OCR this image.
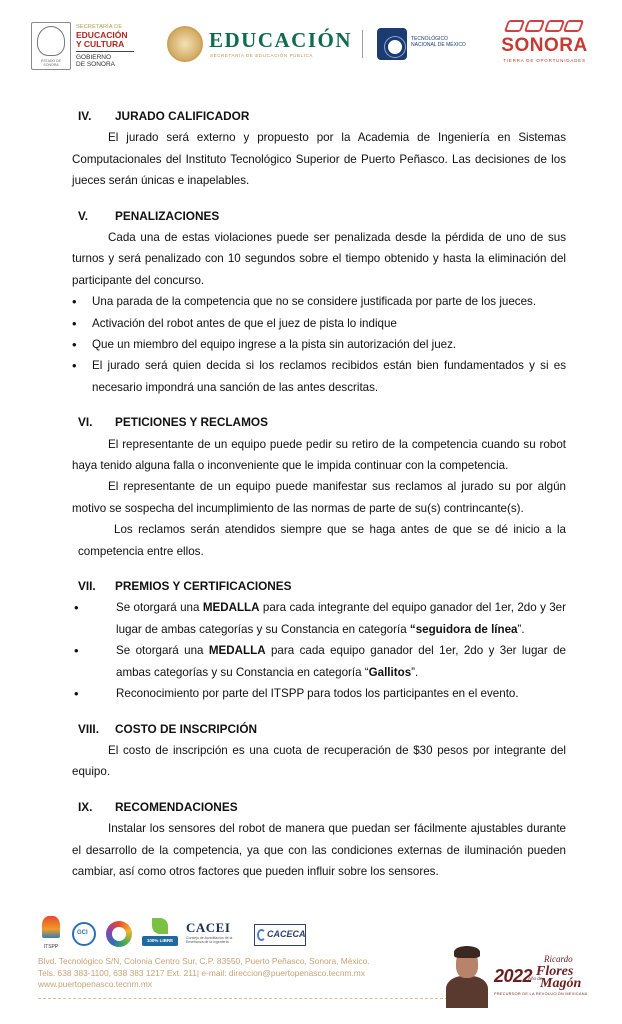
ESTADO DE SONORA
SECRETARÍA DE
EDUCACIÓN
Y CULTURA
GOBIERNO
DE SONORA
EDUCACIÓN
SECRETARÍA DE EDUCACIÓN PÚBLICA
TECNOLÓGICO
NACIONAL DE MÉXICO	SONORA
TIERRA DE OPORTUNIDADES
IV.	JURADO CALIFICADOR

El jurado será externo y propuesto por la Academia de Ingeniería en Sistemas Computacionales del Instituto Tecnológico Superior de Puerto Peñasco. Las decisiones de los jueces serán únicas e inapelables.

V.	PENALIZACIONES

Cada una de estas violaciones puede ser penalizada desde la pérdida de uno de sus turnos y será penalizado con 10 segundos sobre el tiempo obtenido y hasta la eliminación del participante del concurso.

• Una parada de la competencia que no se considere justificada por parte de los jueces.
• Activación del robot antes de que el juez de pista lo indique
• Que un miembro del equipo ingrese a la pista sin autorización del juez.
• El jurado será quien decida si los reclamos recibidos están bien fundamentados y si es necesario impondrá una sanción de las antes descritas.
VI.	PETICIONES Y RECLAMOS

El representante de un equipo puede pedir su retiro de la competencia cuando su robot haya tenido alguna falla o inconveniente que le impida continuar con la competencia.

El representante de un equipo puede manifestar sus reclamos al jurado su por algún motivo se sospecha del incumplimiento de las normas de parte de su(s) contrincante(s).

Los reclamos serán atendidos siempre que se haga antes de que se dé inicio a la competencia entre ellos.

VII.	PREMIOS Y CERTIFICACIONES
• Se otorgará una MEDALLA para cada integrante del equipo ganador del 1er, 2do y 3er lugar de ambas categorías y su Constancia en categoría “seguidora de línea”.
• Se otorgará una MEDALLA para cada equipo ganador del 1er, 2do y 3er lugar de ambas categorías y su Constancia en categoría “Gallitos”.
• Reconocimiento por parte del ITSPP para todos los participantes en el evento.
VIII.	COSTO DE INSCRIPCIÓN

El costo de inscripción es una cuota de recuperación de $30 pesos por integrante del equipo.

IX.	RECOMENDACIONES

Instalar los sensores del robot de manera que puedan ser fácilmente ajustables durante el desarrollo de la competencia, ya que con las condiciones externas de iluminación pueden cambiar, así como otros factores que pueden influir sobre los sensores.

ITSPP
GCI
100% LIBRE PLÁSTICO
CACEI
Consejo de Acreditación de la Enseñanza de la Ingeniería
CACECA
Blvd. Tecnológico S/N, Colonia Centro Sur, C.P. 83550, Puerto Peñasco, Sonora, México.
Tels. 638 383-1100, 638 383 1217 Ext. 211| e-mail: direccion@puertopenasco.tecnm.mx
www.puertopenasco.tecnm.mx	2022
Ricardo
Flores
Año de
Magón
PRECURSOR DE LA REVOLUCIÓN MEXICANA
